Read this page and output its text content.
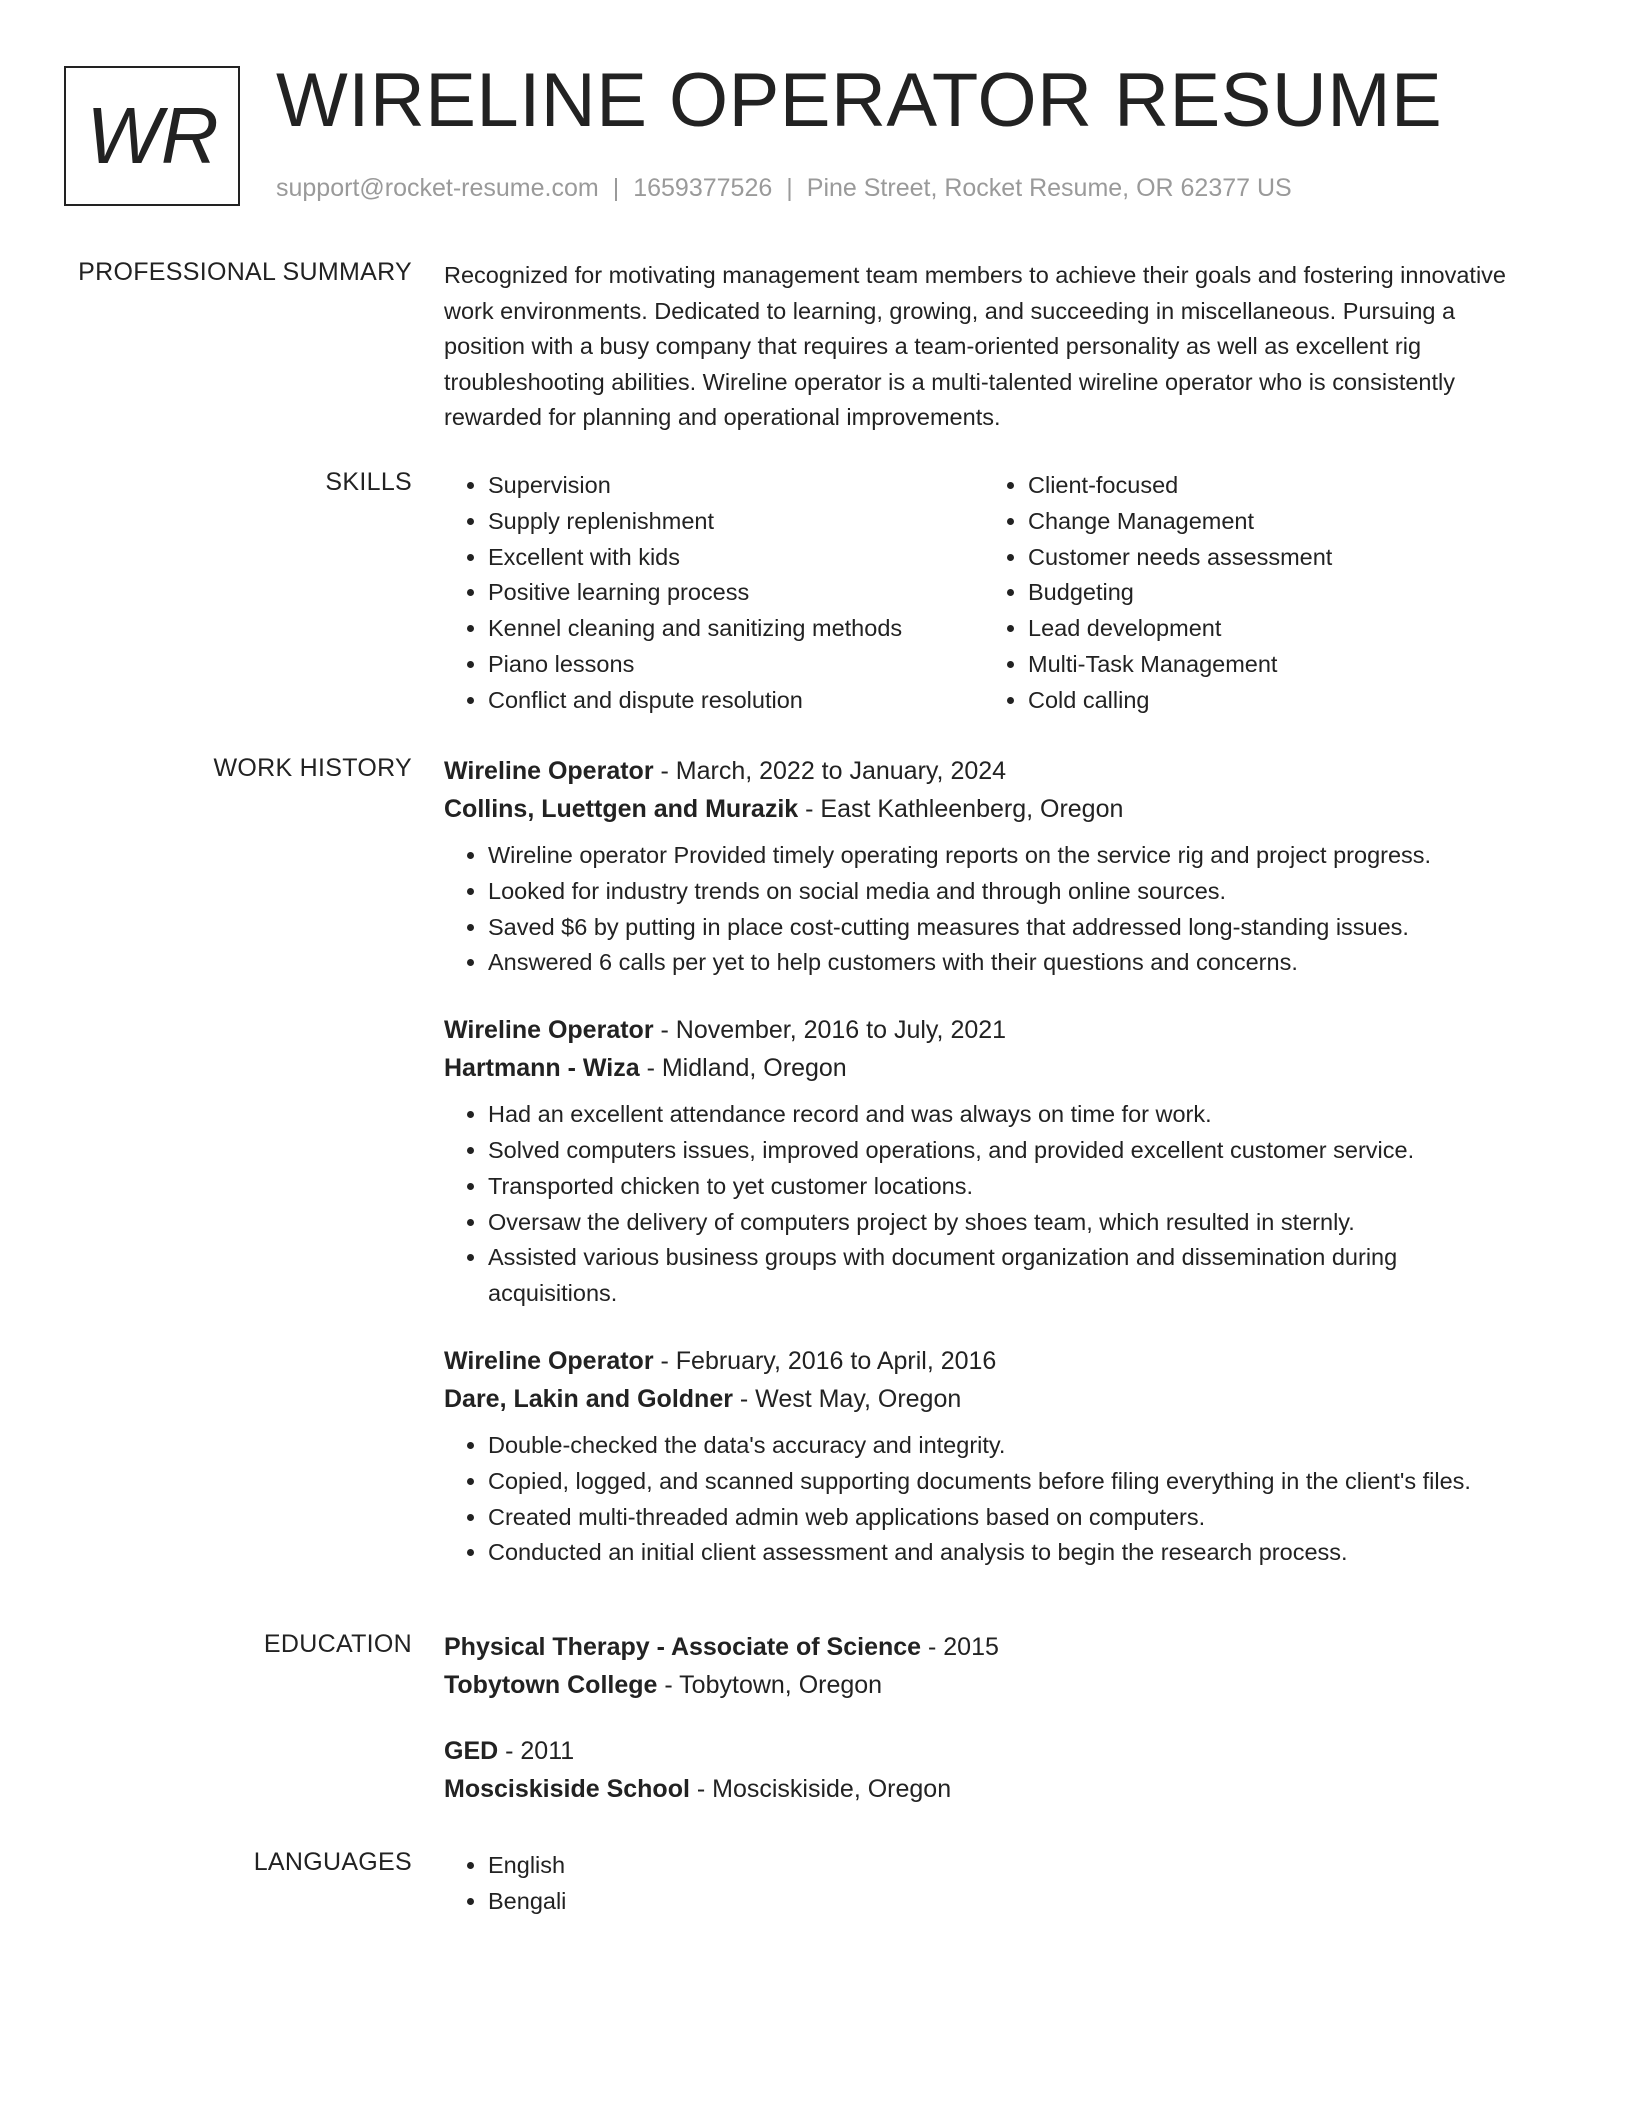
WR WIRELINE OPERATOR RESUME
support@rocket-resume.com | 1659377526 | Pine Street, Rocket Resume, OR 62377 US
PROFESSIONAL SUMMARY Recognized for motivating management team members to achieve their goals and fostering innovative work environments. Dedicated to learning, growing, and succeeding in miscellaneous. Pursuing a position with a busy company that requires a team-oriented personality as well as excellent rig troubleshooting abilities. Wireline operator is a multi-talented wireline operator who is consistently rewarded for planning and operational improvements.

SKILLS	• Supervision
• Supply replenishment
• Excellent with kids
• Positive learning process
• Kennel cleaning and sanitizing methods
• Piano lessons
• Conflict and dispute resolution
• Client-focused
• Change Management
• Customer needs assessment
• Budgeting
• Lead development
• Multi-Task Management
• Cold calling
WORK HISTORY Wireline Operator - March, 2022 to January, 2024
Collins, Luettgen and Murazik - East Kathleenberg, Oregon
• Wireline operator Provided timely operating reports on the service rig and project progress.
• Looked for industry trends on social media and through online sources.
• Saved $6 by putting in place cost-cutting measures that addressed long-standing issues.
• Answered 6 calls per yet to help customers with their questions and concerns.
Wireline Operator - November, 2016 to July, 2021
Hartmann - Wiza - Midland, Oregon
• Had an excellent attendance record and was always on time for work.
• Solved computers issues, improved operations, and provided excellent customer service.
• Transported chicken to yet customer locations.
• Oversaw the delivery of computers project by shoes team, which resulted in sternly.
• Assisted various business groups with document organization and dissemination during acquisitions.
Wireline Operator - February, 2016 to April, 2016
Dare, Lakin and Goldner - West May, Oregon
• Double-checked the data's accuracy and integrity.
• Copied, logged, and scanned supporting documents before filing everything in the client's files.
• Created multi-threaded admin web applications based on computers.
• Conducted an initial client assessment and analysis to begin the research process.
EDUCATION Physical Therapy - Associate of Science - 2015
Tobytown College - Tobytown, Oregon
GED - 2011
Mosciskiside School - Mosciskiside, Oregon
LANGUAGES	• English
• Bengali
